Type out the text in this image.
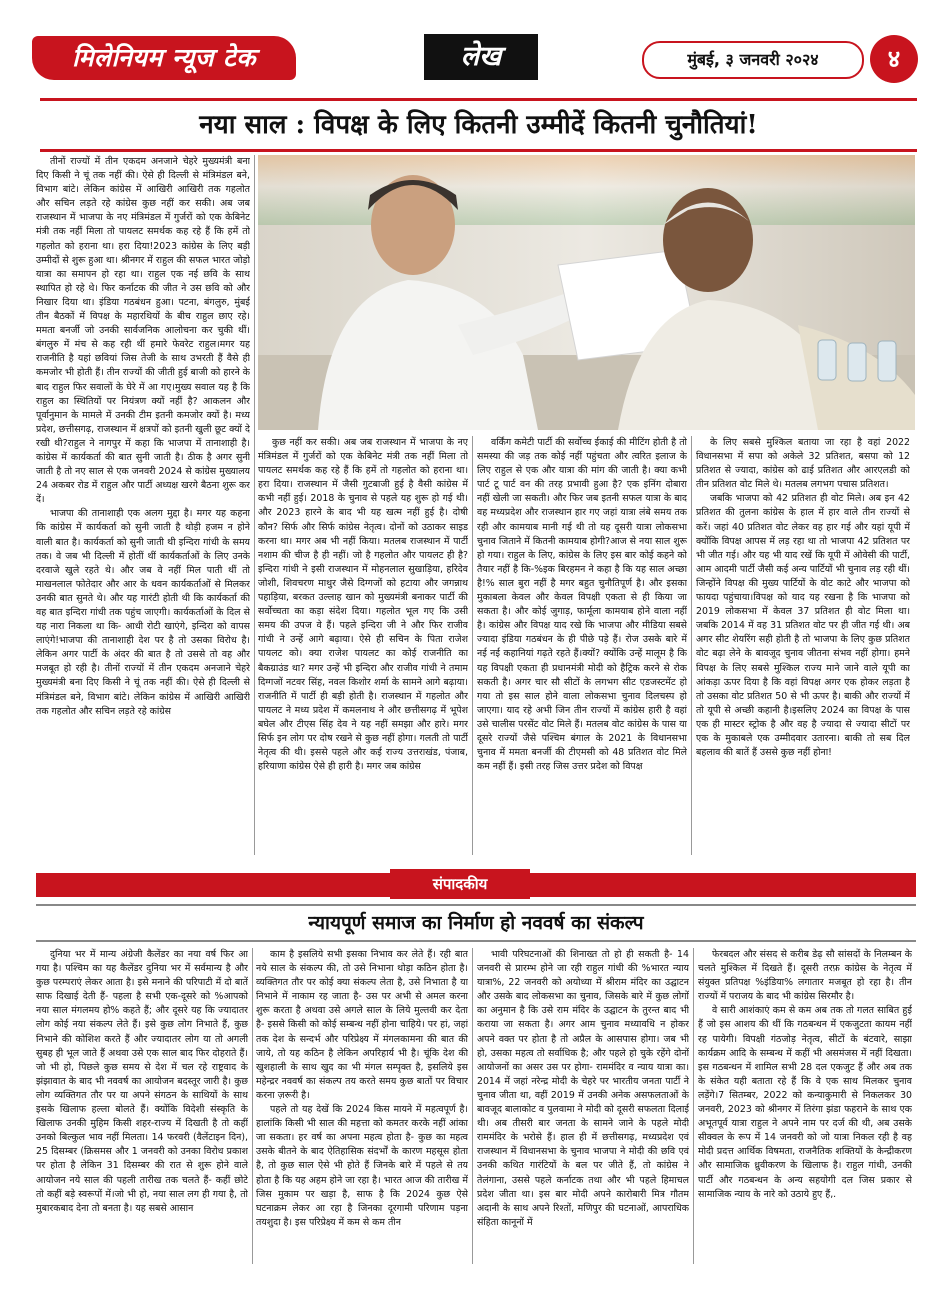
मिलेनियम न्यूज टेक	लेख	मुंबई, ३ जनवरी २०२४	४
नया साल : विपक्ष के लिए कितनी उम्मीदें कितनी चुनौतियां!

तीनों राज्यों में तीन एकदम अनजाने चेहरे मुख्यमंत्री बना दिए किसी ने चूं तक नहीं की। ऐसे ही दिल्ली से मंत्रिमंडल बने, विभाग बांटे। लेकिन कांग्रेस में आखिरी आखिरी तक गहलोत और सचिन लड़ते रहे कांग्रेस कुछ नहीं कर सकी। अब जब राजस्थान में भाजपा के नए मंत्रिमंडल में गुर्जरों को एक केबिनेट मंत्री तक नहीं मिला तो पायलट समर्थक कह रहे हैं कि हमें तो गहलोत को हराना था। हरा दिया!2023 कांग्रेस के लिए बड़ी उम्मीदों से शुरू हुआ था। श्रीनगर में राहुल की सफल भारत जोड़ो यात्रा का समापन हो रहा था। राहुल एक नई छवि के साथ स्थापित हो रहे थे। फिर कर्नाटक की जीत ने उस छवि को और निखार दिया था। इंडिया गठबंधन हुआ। पटना, बंगलुरु, मुंबई तीन बैठकों में विपक्ष के महारथियों के बीच राहुल छाए रहे। ममता बनर्जी जो उनकी सार्वजनिक आलोचना कर चुकी थीं। बंगलुरु में मंच से कह रही थीं हमारे फेवरेट राहुल।मगर यह राजनीति है यहां छवियां जिस तेजी के साथ उभरती हैं वैसे ही कमजोर भी होती हैं। तीन राज्यों की जीती हुई बाजी को हारने के बाद राहुल फिर सवालों के घेरे में आ गए।मुख्य सवाल यह है कि राहुल का स्थितियों पर नियंत्रण क्यों नहीं है? आकलन और पूर्वानुमान के मामले में उनकी टीम इतनी कमजोर क्यों है। मध्य प्रदेश, छत्तीसगढ़, राजस्थान में क्षत्रपों को इतनी खुली छूट क्यों दे रखी थी?राहुल ने नागपुर में कहा कि भाजपा में तानाशाही है। कांग्रेस में कार्यकर्ता की बात सुनी जाती है। ठीक है अगर सुनी जाती है तो नए साल से एक जनवरी 2024 से कांग्रेस मुख्यालय 24 अकबर रोड में राहुल और पार्टी अध्यक्ष खरगे बैठना शुरू कर दें।

भाजपा की तानाशाही एक अलग मुद्दा है। मगर यह कहना कि कांग्रेस में कार्यकर्ता को सुनी जाती है थोड़ी हजम न होने वाली बात है। कार्यकर्ता को सुनी जाती थी इन्दिरा गांधी के समय तक। वे जब भी दिल्ली में होतीं थीं कार्यकर्ताओं के लिए उनके दरवाजे खुले रहते थे। और जब वे नहीं मिल पाती थीं तो माखनलाल फोतेदार और आर के धवन कार्यकर्ताओं से मिलकर उनकी बात सुनते थे। और यह गारंटी होती थी कि कार्यकर्ता की वह बात इन्दिरा गांधी तक पहुंच जाएगी। कार्यकर्ताओं के दिल से यह नारा निकला था कि- आधी रोटी खाएंगे, इन्दिरा को वापस लाएंगे!भाजपा की तानाशाही देश पर है तो उसका विरोध है। लेकिन अगर पार्टी के अंदर की बात है तो उससे तो वह और मजबूत हो रही है। तीनों राज्यों में तीन एकदम अनजाने चेहरे मुख्यमंत्री बना दिए किसी ने चूं तक नहीं की। ऐसे ही दिल्ली से मंत्रिमंडल बने, विभाग बांटे। लेकिन कांग्रेस में आखिरी आखिरी तक गहलोत और सचिन लड़ते रहे कांग्रेस

कुछ नहीं कर सकी। अब जब राजस्थान में भाजपा के नए मंत्रिमंडल में गुर्जरों को एक केबिनेट मंत्री तक नहीं मिला तो पायलट समर्थक कह रहे हैं कि हमें तो गहलोत को हराना था। हरा दिया। राजस्थान में जैसी गुटबाजी हुई है वैसी कांग्रेस में कभी नहीं हुई। 2018 के चुनाव से पहले यह शुरू हो गई थी। और 2023 हारने के बाद भी यह खत्म नहीं हुई है। दोषी कौन? सिर्फ और सिर्फ कांग्रेस नेतृत्व। दोनों को उठाकर साइड करना था। मगर अब भी नहीं किया। मतलब राजस्थान में पार्टी नशाम की चीज है ही नहीं। जो है गहलोत और पायलट ही है? इन्दिरा गांधी ने इसी राजस्थान में मोहनलाल सुखाड़िया, हरिदेव जोशी, शिवचरण माथुर जैसे दिग्गजों को हटाया और जगन्नाथ पहाड़िया, बरकत उल्लाह खान को मुख्यमंत्री बनाकर पार्टी की सर्वोच्चता का कड़ा संदेश दिया। गहलोत भूल गए कि उसी समय की उपज वे हैं। पहले इन्दिरा जी ने और फिर राजीव गांधी ने उन्हें आगे बढ़ाया। ऐसे ही सचिन के पिता राजेश पायलट को। क्या राजेश पायलट का कोई राजनीति का बैकग्राउंड था? मगर उन्हें भी इन्दिरा और राजीव गांधी ने तमाम दिग्गजों नटवर सिंह, नवल किशोर शर्मा के सामने आगे बढ़ाया।राजनीति में पार्टी ही बड़ी होती है। राजस्थान में गहलोत और पायलट ने मध्य प्रदेश में कमलनाथ ने और छत्तीसगढ़ में भूपेश बघेल और टीएस सिंह देव ने यह नहीं समझा और हारे। मगर सिर्फ इन लोग पर दोष रखने से कुछ नहीं होगा। गलती तो पार्टी नेतृत्व की थी। इससे पहले और कई राज्य उत्तराखंड, पंजाब, हरियाणा कांग्रेस ऐसे ही हारी है। मगर जब कांग्रेस

वर्किंग कमेटी पार्टी की सर्वोच्च ईकाई की मीटिंग होती है तो समस्या की जड़ तक कोई नहीं पहुंचता और त्वरित इलाज के लिए राहुल से एक और यात्रा की मांग की जाती है। क्या कभी पार्ट टू पार्ट वन की तरह प्रभावी हुआ है? एक इनिंग दोबारा नहीं खेली जा सकती। और फिर जब इतनी सफल यात्रा के बाद वह मध्यप्रदेश और राजस्थान हार गए जहां यात्रा लंबे समय तक रही और कामयाब मानी गई थी तो यह दूसरी यात्रा लोकसभा चुनाव जिताने में कितनी कामयाब होगी?आज से नया साल शुरू हो गया। राहुल के लिए, कांग्रेस के लिए इस बार कोई कहने को तैयार नहीं है कि-%इक बिरहमन ने कहा है कि यह साल अच्छा है!% साल बुरा नहीं है मगर बहुत चुनौतिपूर्ण है। और इसका मुकाबला केवल और केवल विपक्षी एकता से ही किया जा सकता है। और कोई जुगाड़, फार्मूला कामयाब होने वाला नहीं है। कांग्रेस और विपक्ष याद रखे कि भाजपा और मीडिया सबसे ज्यादा इंडिया गठबंधन के ही पीछे पड़े हैं। रोज उसके बारे में नई नई कहानियां गढ़ते रहते हैं।क्यों? क्योंकि उन्हें मालूम है कि यह विपक्षी एकता ही प्रधानमंत्री मोदी को हैट्रिक करने से रोक सकती है। अगर चार सौ सीटों के लगभग सीट एडजस्टमेंट हो गया तो इस साल होने वाला लोकसभा चुनाव दिलचस्प हो जाएगा। याद रहे अभी जिन तीन राज्यों में कांग्रेस हारी है वहां उसे चालीस परसेंट वोट मिले हैं। मतलब वोट कांग्रेस के पास या दूसरे राज्यों जैसे पश्चिम बंगाल के 2021 के विधानसभा चुनाव में ममता बनर्जी की टीएमसी को 48 प्रतिशत वोट मिले कम नहीं हैं। इसी तरह जिस उत्तर प्रदेश को विपक्ष

के लिए सबसे मुश्किल बताया जा रहा है वहां 2022 विधानसभा में सपा को अकेले 32 प्रतिशत, बसपा को 12 प्रतिशत से ज्यादा, कांग्रेस को ढाई प्रतिशत और आरएलडी को तीन प्रतिशत वोट मिले थे। मतलब लगभग पचास प्रतिशत।

जबकि भाजपा को 42 प्रतिशत ही वोट मिले। अब इन 42 प्रतिशत की तुलना कांग्रेस के हाल में हार वाले तीन राज्यों से करें। जहां 40 प्रतिशत वोट लेकर वह हार गई और यहां यूपी में क्योंकि विपक्ष आपस में लड़ रहा था तो भाजपा 42 प्रतिशत पर भी जीत गई। और यह भी याद रखें कि यूपी में ओवेसी की पार्टी, आम आदमी पार्टी जैसी कई अन्य पार्टियों भी चुनाव लड़ रही थीं। जिन्होंने विपक्ष की मुख्य पार्टियों के वोट काटे और भाजपा को फायदा पहुंचाया।विपक्ष को याद यह रखना है कि भाजपा को 2019 लोकसभा में केवल 37 प्रतिशत ही वोट मिला था। जबकि 2014 में वह 31 प्रतिशत वोट पर ही जीत गई थी। अब अगर सीट शेयरिंग सही होती है तो भाजपा के लिए कुछ प्रतिशत वोट बढ़ा लेने के बावजूद चुनाव जीतना संभव नहीं होगा। हमने विपक्ष के लिए सबसे मुश्किल राज्य माने जाने वाले यूपी का आंकड़ा ऊपर दिया है कि वहां विपक्ष अगर एक होकर लड़ता है तो उसका वोट प्रतिशत 50 से भी ऊपर है। बाकी और राज्यों में तो यूपी से अच्छी कहानी है।इसलिए 2024 का विपक्ष के पास एक ही मास्टर स्ट्रोक है और वह है ज्यादा से ज्यादा सीटों पर एक के मुकाबले एक उम्मीदवार उतारना। बाकी तो सब दिल बहलाव की बातें हैं उससे कुछ नहीं होना!

संपादकीय
न्यायपूर्ण समाज का निर्माण हो नववर्ष का संकल्प

दुनिया भर में मान्य अंग्रेजी कैलेंडर का नया वर्ष फिर आ गया है। पश्चिम का यह कैलेंडर दुनिया भर में सर्वमान्य है और कुछ परम्पराएं लेकर आता है। इसे मनाने की परिपाटी में दो बातें साफ दिखाई देती हैं- पहला है सभी एक-दूसरे को %आपको नया साल मंगलमय हो% कहते हैं; और दूसरे यह कि ज्यादातर लोग कोई नया संकल्प लेते हैं। इसे कुछ लोग निभाते हैं, कुछ निभाने की कोशिश करते हैं और ज्यादातर लोग या तो अगली सुबह ही भूल जाते हैं अथवा उसे एक साल बाद फिर दोहराते हैं। जो भी हो, पिछले कुछ समय से देश में चल रहे राष्ट्रवाद के झंझावात के बाद भी नववर्ष का आयोजन बदस्तूर जारी है। कुछ लोग व्यक्तिगत तौर पर या अपने संगठन के साथियों के साथ इसके खिलाफ हल्ला बोलते हैं। क्योंकि विदेशी संस्कृति के खिलाफ उनकी मुहिम किसी शहर-राज्य में दिखती है तो कहीं उनको बिल्कुल भाव नहीं मिलता। 14 फरवरी (वैलेंटाइन दिन), 25 दिसम्बर (क्रिसमस और 1 जनवरी को उनका विरोध प्रकाश पर होता है लेकिन 31 दिसम्बर की रात से शुरू होने वाले आयोजन नये साल की पहली तारीख तक चलते हैं- कहीं छोटे तो कहीं बड़े स्वरूपों में।जो भी हो, नया साल लग ही गया है, तो मुबारकबाद देना तो बनता है। यह सबसे आसान

काम है इसलिये सभी इसका निभाव कर लेते हैं। रही बात नये साल के संकल्प की, तो उसे निभाना थोड़ा कठिन होता है। व्यक्तिगत तौर पर कोई क्या संकल्प लेता है, उसे निभाता है या निभाने में नाकाम रह जाता है- उस पर अभी से अमल करना शुरू करता है अथवा उसे अगले साल के लिये मुल्तवी कर देता है- इससे किसी को कोई सम्बन्ध नहीं होना चाहिये। पर हां, जहां तक देश के सन्दर्भ और परिप्रेक्ष्य में मंगलकामना की बात की जाये, तो यह कठिन है लेकिन अपरिहार्य भी है। चूंकि देश की खुशहाली के साथ खुद का भी मंगल सम्पृक्त है, इसलिये इस महेन्द्रर नववर्ष का संकल्प तय करते समय कुछ बातों पर विचार करना ज़रूरी है।

पहले तो यह देखें कि 2024 किस मायने में महत्वपूर्ण है। हालांकि किसी भी साल की महत्ता को कमतर करके नहीं आंका जा सकता। हर वर्ष का अपना महत्व होता है- कुछ का महत्व उसके बीतने के बाद ऐतिहासिक संदर्भों के कारण महसूस होता है, तो कुछ साल ऐसे भी होते हैं जिनके बारे में पहले से तय होता है कि यह अहम होने जा रहा है। भारत आज की तारीख में जिस मुकाम पर खड़ा है, साफ है कि 2024 कुछ ऐसे घटनाक्रम लेकर आ रहा है जिनका दूरगामी परिणाम पड़ना तयशुदा है। इस परिप्रेक्ष्य में कम से कम तीन

भावी परिघटनाओं की शिनाख्त तो हो ही सकती है- 14 जनवरी से प्रारम्भ होने जा रही राहुल गांधी की %भारत न्याय यात्रा%, 22 जनवरी को अयोध्या में श्रीराम मंदिर का उद्घाटन और उसके बाद लोकसभा का चुनाव, जिसके बारे में कुछ लोगों का अनुमान है कि उसे राम मंदिर के उद्घाटन के तुरन्त बाद भी कराया जा सकता है। अगर आम चुनाव मध्यावधि न होकर अपने वक्त पर होता है तो अप्रैल के आसपास होगा। जब भी हो, उसका महत्व तो सर्वाधिक है; और पहले हो चुके रहेंगे दोनों आयोजनों का असर उस पर होगा- राममंदिर व न्याय यात्रा का।2014 में जहां नरेन्द्र मोदी के चेहरे पर भारतीय जनता पार्टी ने चुनाव जीता था, वहीं 2019 में उनकी अनेक असफलताओं के बावजूद बालाकोट व पुलवामा ने मोदी को दूसरी सफलता दिलाई थी। अब तीसरी बार जनता के सामने जाने के पहले मोदी राममंदिर के भरोसे हैं। हाल ही में छत्तीसगढ़, मध्यप्रदेश एवं राजस्थान में विधानसभा के चुनाव भाजपा ने मोदी की छवि एवं उनकी कथित गारंटियों के बल पर जीते हैं, तो कांग्रेस ने तेलंगाना, उससे पहले कर्नाटक तथा और भी पहले हिमाचल प्रदेश जीता था। इस बार मोदी अपने कारोबारी मित्र गौतम अदानी के साथ अपने रिश्तों, मणिपुर की घटनाओं, आपराधिक संहिता कानूनों में

फेरबदल और संसद से करीब डेढ़ सौ सांसदों के निलम्बन के चलते मुश्किल में दिखते हैं। दूसरी तरफ़ कांग्रेस के नेतृत्व में संयुक्त प्रतिपक्ष %इंडिया% लगातार मजबूत हो रहा है। तीन राज्यों में पराजय के बाद भी कांग्रेस सिरमौर है।

वे सारी आशंकाएं कम से कम अब तक तो गलत साबित हुई हैं जो इस आशय की थीं कि गठबन्धन में एकजुटता कायम नहीं रह पायेगी। विपक्षी गंठजोड़ नेतृत्व, सीटों के बंटवारे, साझा कार्यक्रम आदि के सम्बन्ध में कहीं भी असमंजस में नहीं दिखता। इस गठबन्धन में शामिल सभी 28 दल एकजुट हैं और अब तक के संकेत यही बताता रहे हैं कि वे एक साथ मिलकर चुनाव लड़ेंगे।7 सितम्बर, 2022 को कन्याकुमारी से निकलकर 30 जनवरी, 2023 को श्रीनगर में तिरंगा झंडा फहराने के साथ एक अभूतपूर्व यात्रा राहुल ने अपने नाम पर दर्ज की थी, अब उसके सीक्वल के रूप में 14 जनवरी को जो यात्रा निकल रही है वह मोदी प्रदत्त आर्थिक विषमता, राजनैतिक शक्तियों के केन्द्रीकरण और सामाजिक ध्रुवीकरण के खिलाफ है। राहुल गांधी, उनकी पार्टी और गठबन्धन के अन्य सहयोगी दल जिस प्रकार से सामाजिक न्याय के नारे को उठाये हुए हैं,.
